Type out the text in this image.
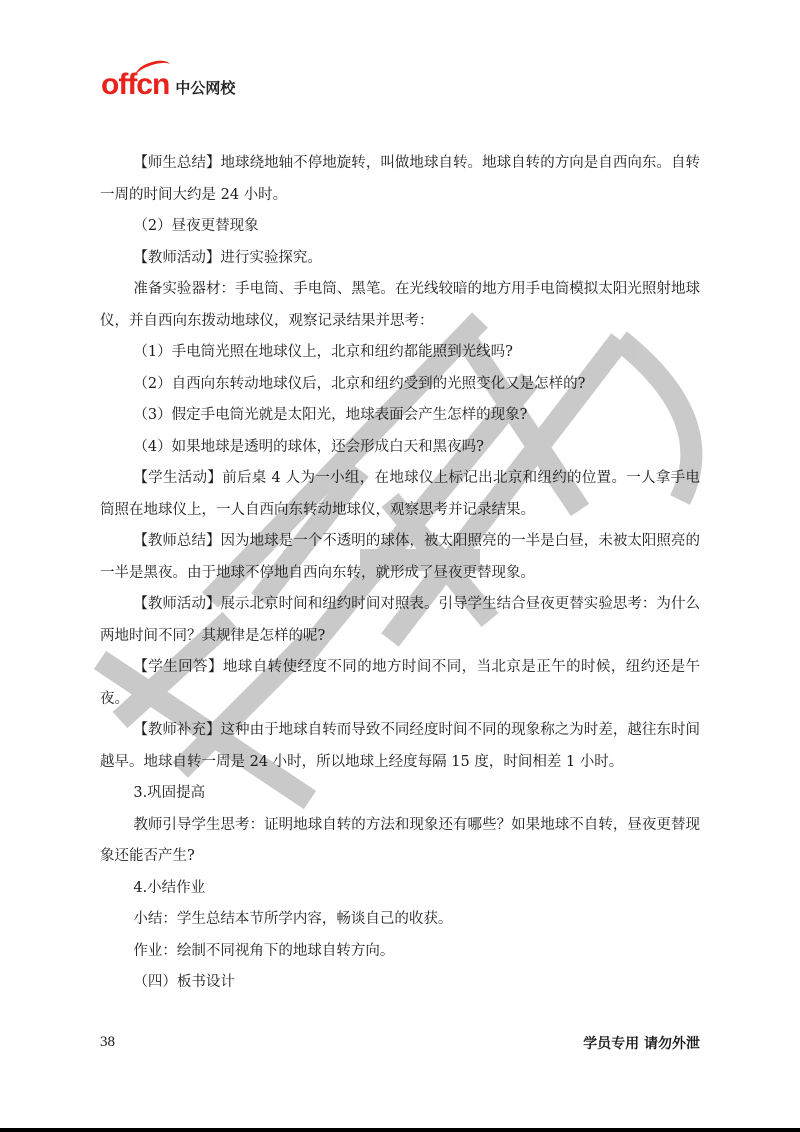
offcn 中公网校

【师生总结】地球绕地轴不停地旋转，叫做地球自转。地球自转的方向是自西向东。自转一周的时间大约是 24 小时。

（2）昼夜更替现象

【教师活动】进行实验探究。

准备实验器材：手电筒、手电筒、黑笔。在光线较暗的地方用手电筒模拟太阳光照射地球仪，并自西向东拨动地球仪，观察记录结果并思考：

（1）手电筒光照在地球仪上，北京和纽约都能照到光线吗?

（2）自西向东转动地球仪后，北京和纽约受到的光照变化又是怎样的?

（3）假定手电筒光就是太阳光，地球表面会产生怎样的现象?

（4）如果地球是透明的球体，还会形成白天和黑夜吗?

【学生活动】前后桌 4 人为一小组，在地球仪上标记出北京和纽约的位置。一人拿手电筒照在地球仪上，一人自西向东转动地球仪，观察思考并记录结果。

【教师总结】因为地球是一个不透明的球体，被太阳照亮的一半是白昼，未被太阳照亮的一半是黑夜。由于地球不停地自西向东转，就形成了昼夜更替现象。

【教师活动】展示北京时间和纽约时间对照表。引导学生结合昼夜更替实验思考：为什么两地时间不同？其规律是怎样的呢?

【学生回答】地球自转使经度不同的地方时间不同，当北京是正午的时候，纽约还是午夜。

【教师补充】这种由于地球自转而导致不同经度时间不同的现象称之为时差，越往东时间越早。地球自转一周是 24 小时，所以地球上经度每隔 15 度，时间相差 1 小时。

3.巩固提高

教师引导学生思考：证明地球自转的方法和现象还有哪些？如果地球不自转，昼夜更替现象还能否产生?

4.小结作业

小结：学生总结本节所学内容，畅谈自己的收获。

作业：绘制不同视角下的地球自转方向。

（四）板书设计

38	学员专用 请勿外泄
